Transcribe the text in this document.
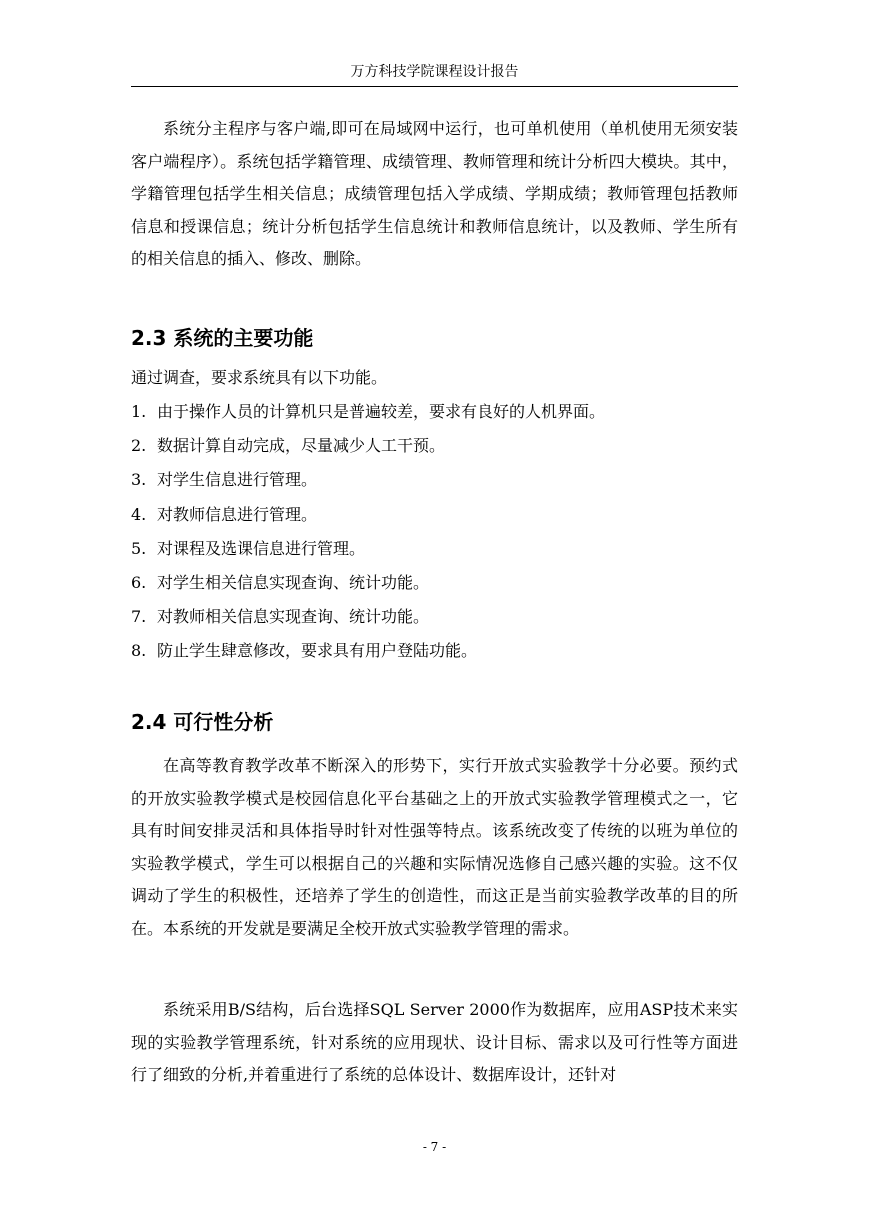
万方科技学院课程设计报告

系统分主程序与客户端,即可在局域网中运行，也可单机使用（单机使用无须安装客户端程序）。系统包括学籍管理、成绩管理、教师管理和统计分析四大模块。其中，学籍管理包括学生相关信息；成绩管理包括入学成绩、学期成绩；教师管理包括教师信息和授课信息；统计分析包括学生信息统计和教师信息统计，以及教师、学生所有的相关信息的插入、修改、删除。

2.3 系统的主要功能
通过调查，要求系统具有以下功能。
1. 由于操作人员的计算机只是普遍较差，要求有良好的人机界面。
2. 数据计算自动完成，尽量减少人工干预。
3. 对学生信息进行管理。
4. 对教师信息进行管理。
5. 对课程及选课信息进行管理。
6. 对学生相关信息实现查询、统计功能。
7. 对教师相关信息实现查询、统计功能。
8. 防止学生肆意修改，要求具有用户登陆功能。
2.4 可行性分析

在高等教育教学改革不断深入的形势下，实行开放式实验教学十分必要。预约式的开放实验教学模式是校园信息化平台基础之上的开放式实验教学管理模式之一，它具有时间安排灵活和具体指导时针对性强等特点。该系统改变了传统的以班为单位的实验教学模式，学生可以根据自己的兴趣和实际情况选修自己感兴趣的实验。这不仅调动了学生的积极性，还培养了学生的创造性，而这正是当前实验教学改革的目的所在。本系统的开发就是要满足全校开放式实验教学管理的需求。

系统采用B/S结构，后台选择SQL Server 2000作为数据库，应用ASP技术来实现的实验教学管理系统，针对系统的应用现状、设计目标、需求以及可行性等方面进行了细致的分析,并着重进行了系统的总体设计、数据库设计，还针对

- 7 -
